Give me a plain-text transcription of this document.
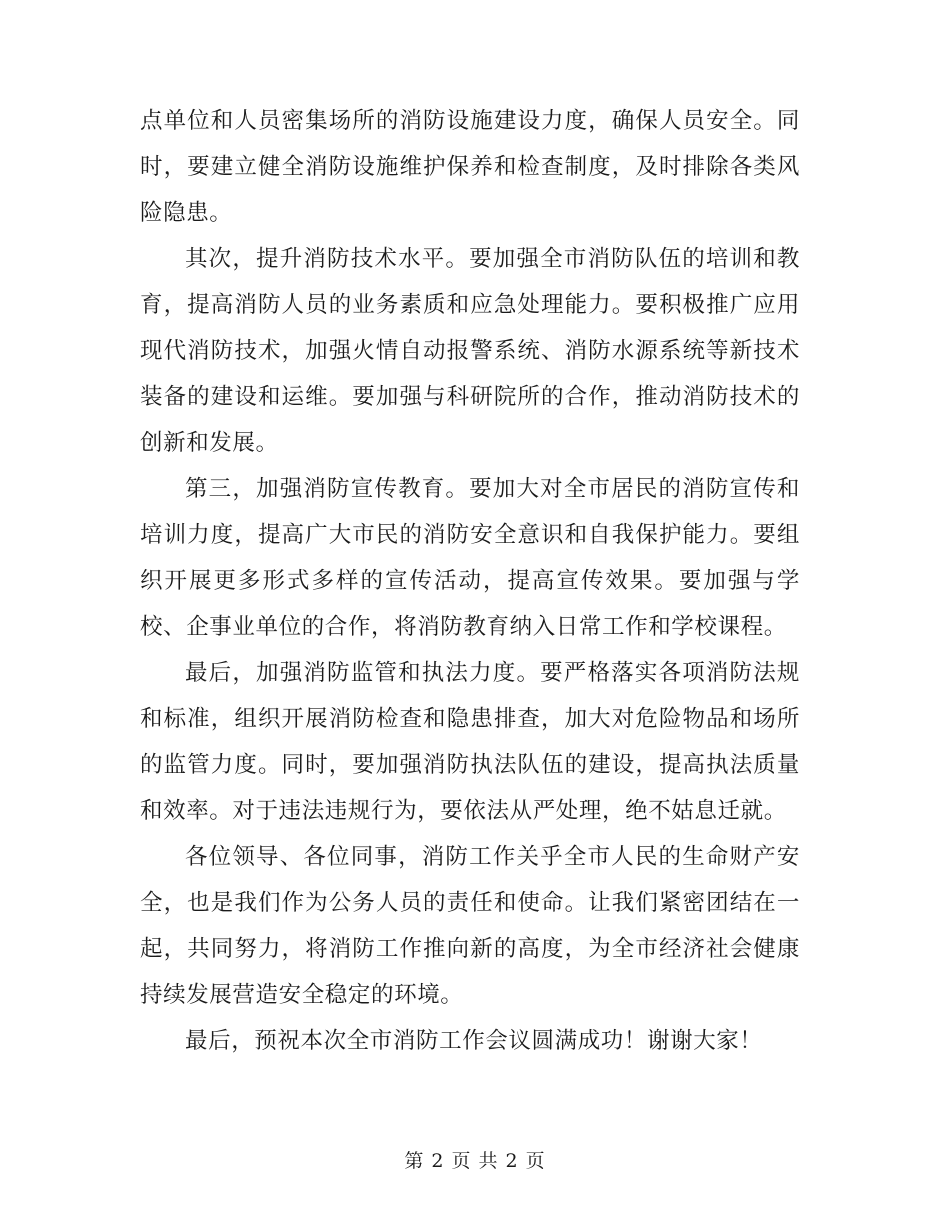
点单位和人员密集场所的消防设施建设力度，确保人员安全。同时，要建立健全消防设施维护保养和检查制度，及时排除各类风险隐患。

其次，提升消防技术水平。要加强全市消防队伍的培训和教育，提高消防人员的业务素质和应急处理能力。要积极推广应用现代消防技术，加强火情自动报警系统、消防水源系统等新技术装备的建设和运维。要加强与科研院所的合作，推动消防技术的创新和发展。

第三，加强消防宣传教育。要加大对全市居民的消防宣传和培训力度，提高广大市民的消防安全意识和自我保护能力。要组织开展更多形式多样的宣传活动，提高宣传效果。要加强与学校、企事业单位的合作，将消防教育纳入日常工作和学校课程。

最后，加强消防监管和执法力度。要严格落实各项消防法规和标准，组织开展消防检查和隐患排查，加大对危险物品和场所的监管力度。同时，要加强消防执法队伍的建设，提高执法质量和效率。对于违法违规行为，要依法从严处理，绝不姑息迁就。

各位领导、各位同事，消防工作关乎全市人民的生命财产安全，也是我们作为公务人员的责任和使命。让我们紧密团结在一起，共同努力，将消防工作推向新的高度，为全市经济社会健康持续发展营造安全稳定的环境。

最后，预祝本次全市消防工作会议圆满成功！谢谢大家！

第 2 页 共 2 页
